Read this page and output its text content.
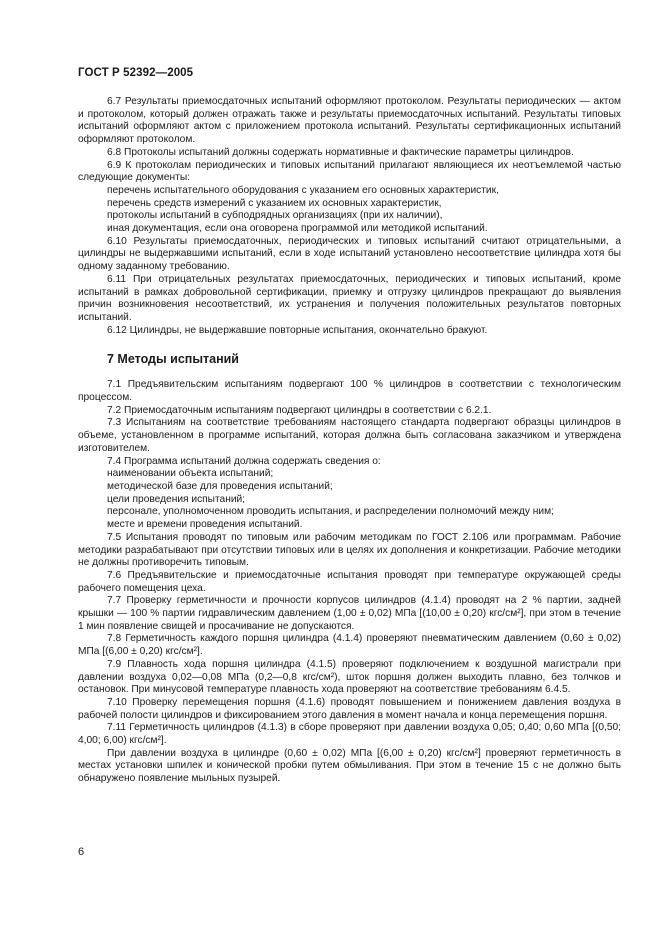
ГОСТ Р 52392—2005

6.7 Результаты приемосдаточных испытаний оформляют протоколом. Результаты периодических — актом и протоколом, который должен отражать также и результаты приемосдаточных испытаний. Результаты типовых испытаний оформляют актом с приложением протокола испытаний. Результаты сертификационных испытаний оформляют протоколом.

6.8 Протоколы испытаний должны содержать нормативные и фактические параметры цилиндров.

6.9 К протоколам периодических и типовых испытаний прилагают являющиеся их неотъемлемой частью следующие документы:

перечень испытательного оборудования с указанием его основных характеристик,

перечень средств измерений с указанием их основных характеристик,

протоколы испытаний в субподрядных организациях (при их наличии),

иная документация, если она оговорена программой или методикой испытаний.

6.10 Результаты приемосдаточных, периодических и типовых испытаний считают отрицательными, а цилиндры не выдержавшими испытаний, если в ходе испытаний установлено несоответствие цилиндра хотя бы одному заданному требованию.

6.11 При отрицательных результатах приемосдаточных, периодических и типовых испытаний, кроме испытаний в рамках добровольной сертификации, приемку и отгрузку цилиндров прекращают до выявления причин возникновения несоответствий, их устранения и получения положительных результатов повторных испытаний.

6.12 Цилиндры, не выдержавшие повторные испытания, окончательно бракуют.

7 Методы испытаний

7.1 Предъявительским испытаниям подвергают 100 % цилиндров в соответствии с технологическим процессом.

7.2 Приемосдаточным испытаниям подвергают цилиндры в соответствии с 6.2.1.

7.3 Испытаниям на соответствие требованиям настоящего стандарта подвергают образцы цилиндров в объеме, установленном в программе испытаний, которая должна быть согласована заказчиком и утверждена изготовителем.

7.4 Программа испытаний должна содержать сведения о:

наименовании объекта испытаний;

методической базе для проведения испытаний;

цели проведения испытаний;

персонале, уполномоченном проводить испытания, и распределении полномочий между ним;

месте и времени проведения испытаний.

7.5 Испытания проводят по типовым или рабочим методикам по ГОСТ 2.106 или программам. Рабочие методики разрабатывают при отсутствии типовых или в целях их дополнения и конкретизации. Рабочие методики не должны противоречить типовым.

7.6 Предъявительские и приемосдаточные испытания проводят при температуре окружающей среды рабочего помещения цеха.

7.7 Проверку герметичности и прочности корпусов цилиндров (4.1.4) проводят на 2 % партии, задней крышки — 100 % партии гидравлическим давлением (1,00 ± 0,02) МПа [(10,00 ± 0,20) кгс/см²], при этом в течение 1 мин появление свищей и просачивание не допускаются.

7.8 Герметичность каждого поршня цилиндра (4.1.4) проверяют пневматическим давлением (0,60 ± 0,02) МПа [(6,00 ± 0,20) кгс/см²].

7.9 Плавность хода поршня цилиндра (4.1.5) проверяют подключением к воздушной магистрали при давлении воздуха 0,02—0,08 МПа (0,2—0,8 кгс/см²), шток поршня должен выходить плавно, без толчков и остановок. При минусовой температуре плавность хода проверяют на соответствие требованиям 6.4.5.

7.10 Проверку перемещения поршня (4.1.6) проводят повышением и понижением давления воздуха в рабочей полости цилиндров и фиксированием этого давления в момент начала и конца перемещения поршня.

7.11 Герметичность цилиндров (4.1.3) в сборе проверяют при давлении воздуха 0,05; 0,40; 0,60 МПа [(0,50; 4,00; 6,00) кгс/см²].

При давлении воздуха в цилиндре (0,60 ± 0,02) МПа [(6,00 ± 0,20) кгс/см²] проверяют герметичность в местах установки шпилек и конической пробки путем обмыливания. При этом в течение 15 с не должно быть обнаружено появление мыльных пузырей.

6
